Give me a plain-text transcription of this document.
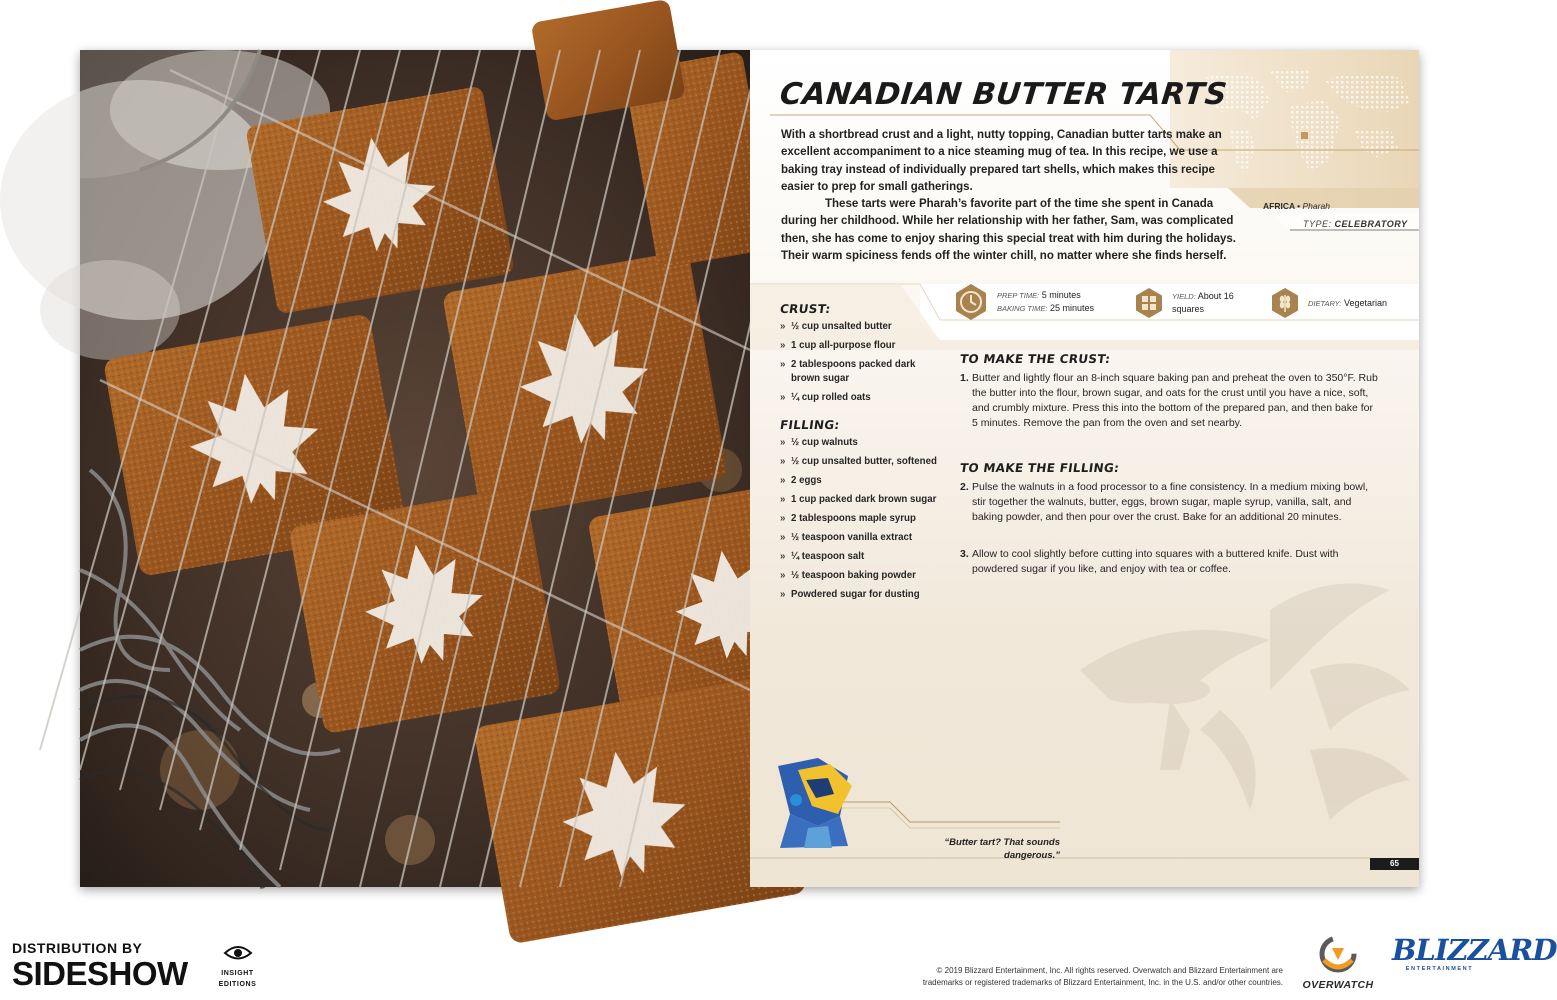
CANADIAN BUTTER TARTS

With a shortbread crust and a light, nutty topping, Canadian butter tarts make an excellent accompaniment to a nice steaming mug of tea. In this recipe, we use a baking tray instead of individually prepared tart shells, which makes this recipe easier to prep for small gatherings.

These tarts were Pharah’s favorite part of the time she spent in Canada during her childhood. While her relationship with her father, Sam, was complicated then, she has come to enjoy sharing this special treat with him during the holidays. Their warm spiciness fends off the winter chill, no matter where she finds herself.

AFRICA • Pharah
TYPE: CELEBRATORY
PREP TIME: 5 minutes
BAKING TIME: 25 minutes
YIELD: About 16
squares
DIETARY: Vegetarian
CRUST:
» ½ cup unsalted butter
» 1 cup all-purpose flour
» 2 tablespoons packed dark brown sugar
» ¼ cup rolled oats
FILLING:
» ½ cup walnuts
» ½ cup unsalted butter, softened
» 2 eggs
» 1 cup packed dark brown sugar
» 2 tablespoons maple syrup
» ½ teaspoon vanilla extract
» ¼ teaspoon salt
» ½ teaspoon baking powder
» Powdered sugar for dusting
TO MAKE THE CRUST:
1. Butter and lightly flour an 8-inch square baking pan and preheat the oven to 350°F. Rub the butter into the flour, brown sugar, and oats for the crust until you have a nice, soft, and crumbly mixture. Press this into the bottom of the prepared pan, and then bake for 5 minutes. Remove the pan from the oven and set nearby.
TO MAKE THE FILLING:
2. Pulse the walnuts in a food processor to a fine consistency. In a medium mixing bowl, stir together the walnuts, butter, eggs, brown sugar, maple syrup, vanilla, salt, and baking powder, and then pour over the crust. Bake for an additional 20 minutes.
3. Allow to cool slightly before cutting into squares with a buttered knife. Dust with powdered sugar if you like, and enjoy with tea or coffee.
“Butter tart? That sounds dangerous.”
65
DISTRIBUTION BY
SIDESHOW	INSIGHT
EDITIONS
© 2019 Blizzard Entertainment, Inc. All rights reserved. Overwatch and Blizzard Entertainment are
trademarks or registered trademarks of Blizzard Entertainment, Inc. in the U.S. and/or other countries.	OVERWATCH
BLIZZARD
ENTERTAINMENT
